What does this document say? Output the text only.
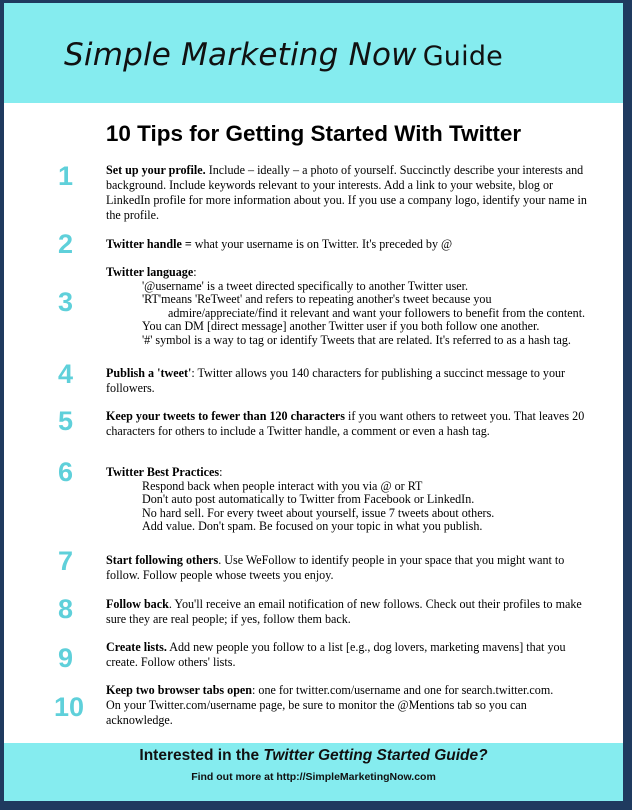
Simple Marketing Now Guide
10 Tips for Getting Started With Twitter
1	Set up your profile. Include – ideally – a photo of yourself. Succinctly describe your interests and background. Include keywords relevant to your interests. Add a link to your website, blog or LinkedIn profile for more information about you. If you use a company logo, identify your name in the profile.
2	Twitter handle = what your username is on Twitter. It's preceded by @
3
Twitter language:
'@username' is a tweet directed specifically to another Twitter user.
'RT'means 'ReTweet' and refers to repeating another's tweet because you
admire/appreciate/find it relevant and want your followers to benefit from the content.
You can DM [direct message] another Twitter user if you both follow one another.
'#' symbol is a way to tag or identify Tweets that are related. It's referred to as a hash tag.
4	Publish a 'tweet': Twitter allows you 140 characters for publishing a succinct message to your followers.
5	Keep your tweets to fewer than 120 characters if you want others to retweet you. That leaves 20 characters for others to include a Twitter handle, a comment or even a hash tag.
6	Twitter Best Practices:
Respond back when people interact with you via @ or RT
Don't auto post automatically to Twitter from Facebook or LinkedIn.
No hard sell. For every tweet about yourself, issue 7 tweets about others.
Add value. Don't spam. Be focused on your topic in what you publish.
7	Start following others. Use WeFollow to identify people in your space that you might want to follow. Follow people whose tweets you enjoy.
8	Follow back. You'll receive an email notification of new follows. Check out their profiles to make sure they are real people; if yes, follow them back.
9	Create lists. Add new people you follow to a list [e.g., dog lovers, marketing mavens] that you create. Follow others' lists.
10
Keep two browser tabs open: one for twitter.com/username and one for search.twitter.com.
On your Twitter.com/username page, be sure to monitor the @Mentions tab so you can acknowledge.
Interested in the Twitter Getting Started Guide?
Find out more at http://SimpleMarketingNow.com
